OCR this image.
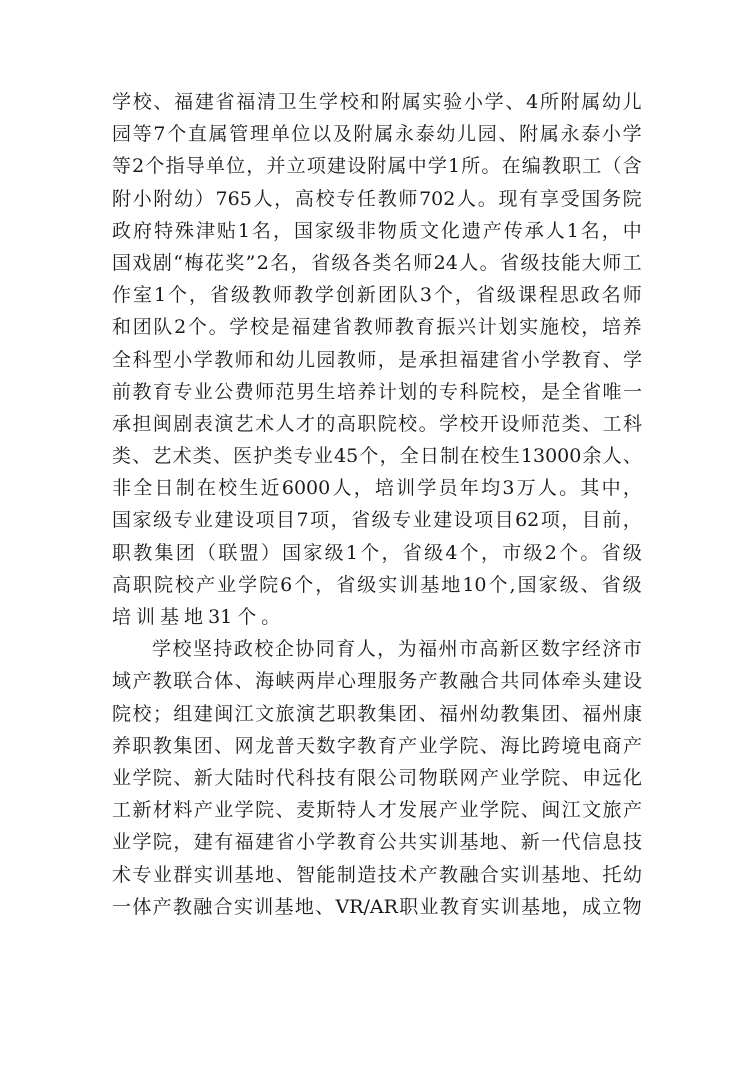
学 校 、 福 建 省 福 清 卫 生 学 校 和 附 属 实 验 小 学 、 4 所 附 属 幼 儿
园 等 7 个 直 属 管 理 单 位 以 及 附 属 永 泰 幼 儿 园 、 附 属 永 泰 小 学
等 2 个 指 导 单 位 ， 并 立 项 建 设 附 属 中 学 1 所 。 在 编 教 职 工 （ 含
附 小 附 幼 ） 765 人 ， 高 校 专 任 教 师 702 人 。 现 有 享 受 国 务 院
政 府 特 殊 津 贴 1 名 ， 国 家 级 非 物 质 文 化 遗 产 传 承 人 1 名 ， 中
国 戏 剧 “ 梅 花 奖 ” 2 名 ， 省 级 各 类 名 师 24 人 。 省 级 技 能 大 师 工
作 室 1 个 ， 省 级 教 师 教 学 创 新 团 队 3 个 ， 省 级 课 程 思 政 名 师
和 团 队 2 个 。 学 校 是 福 建 省 教 师 教 育 振 兴 计 划 实 施 校 ， 培 养
全 科 型 小 学 教 师 和 幼 儿 园 教 师 ， 是 承 担 福 建 省 小 学 教 育 、 学
前 教 育 专 业 公 费 师 范 男 生 培 养 计 划 的 专 科 院 校 ， 是 全 省 唯 一
承 担 闽 剧 表 演 艺 术 人 才 的 高 职 院 校 。 学 校 开 设 师 范 类 、 工 科
类 、 艺 术 类 、 医 护 类 专 业 45 个 ， 全 日 制 在 校 生 13000 余 人 、
非 全 日 制 在 校 生 近 6000 人 ， 培 训 学 员 年 均 3 万 人 。 其 中 ，
国 家 级 专 业 建 设 项 目 7 项 ， 省 级 专 业 建 设 项 目 62 项 ， 目 前 ，
职 教 集 团 （ 联 盟 ） 国 家 级 1 个 ， 省 级 4 个 ， 市 级 2 个 。 省 级
高 职 院 校 产 业 学 院 6 个 ， 省 级 实 训 基 地 10 个 , 国 家 级 、 省 级
培 训 基 地 31 个 。
学 校 坚 持 政 校 企 协 同 育 人 ， 为 福 州 市 高 新 区 数 字 经 济 市
域 产 教 联 合 体 、 海 峡 两 岸 心 理 服 务 产 教 融 合 共 同 体 牵 头 建 设
院 校 ； 组 建 闽 江 文 旅 演 艺 职 教 集 团 、 福 州 幼 教 集 团 、 福 州 康
养 职 教 集 团 、 网 龙 普 天 数 字 教 育 产 业 学 院 、 海 比 跨 境 电 商 产
业 学 院 、 新 大 陆 时 代 科 技 有 限 公 司 物 联 网 产 业 学 院 、 申 远 化
工 新 材 料 产 业 学 院 、 麦 斯 特 人 才 发 展 产 业 学 院 、 闽 江 文 旅 产
业 学 院 ， 建 有 福 建 省 小 学 教 育 公 共 实 训 基 地 、 新 一 代 信 息 技
术 专 业 群 实 训 基 地 、 智 能 制 造 技 术 产 教 融 合 实 训 基 地 、 托 幼
一 体 产 教 融 合 实 训 基 地 、 VR/AR 职 业 教 育 实 训 基 地 ， 成 立 物
